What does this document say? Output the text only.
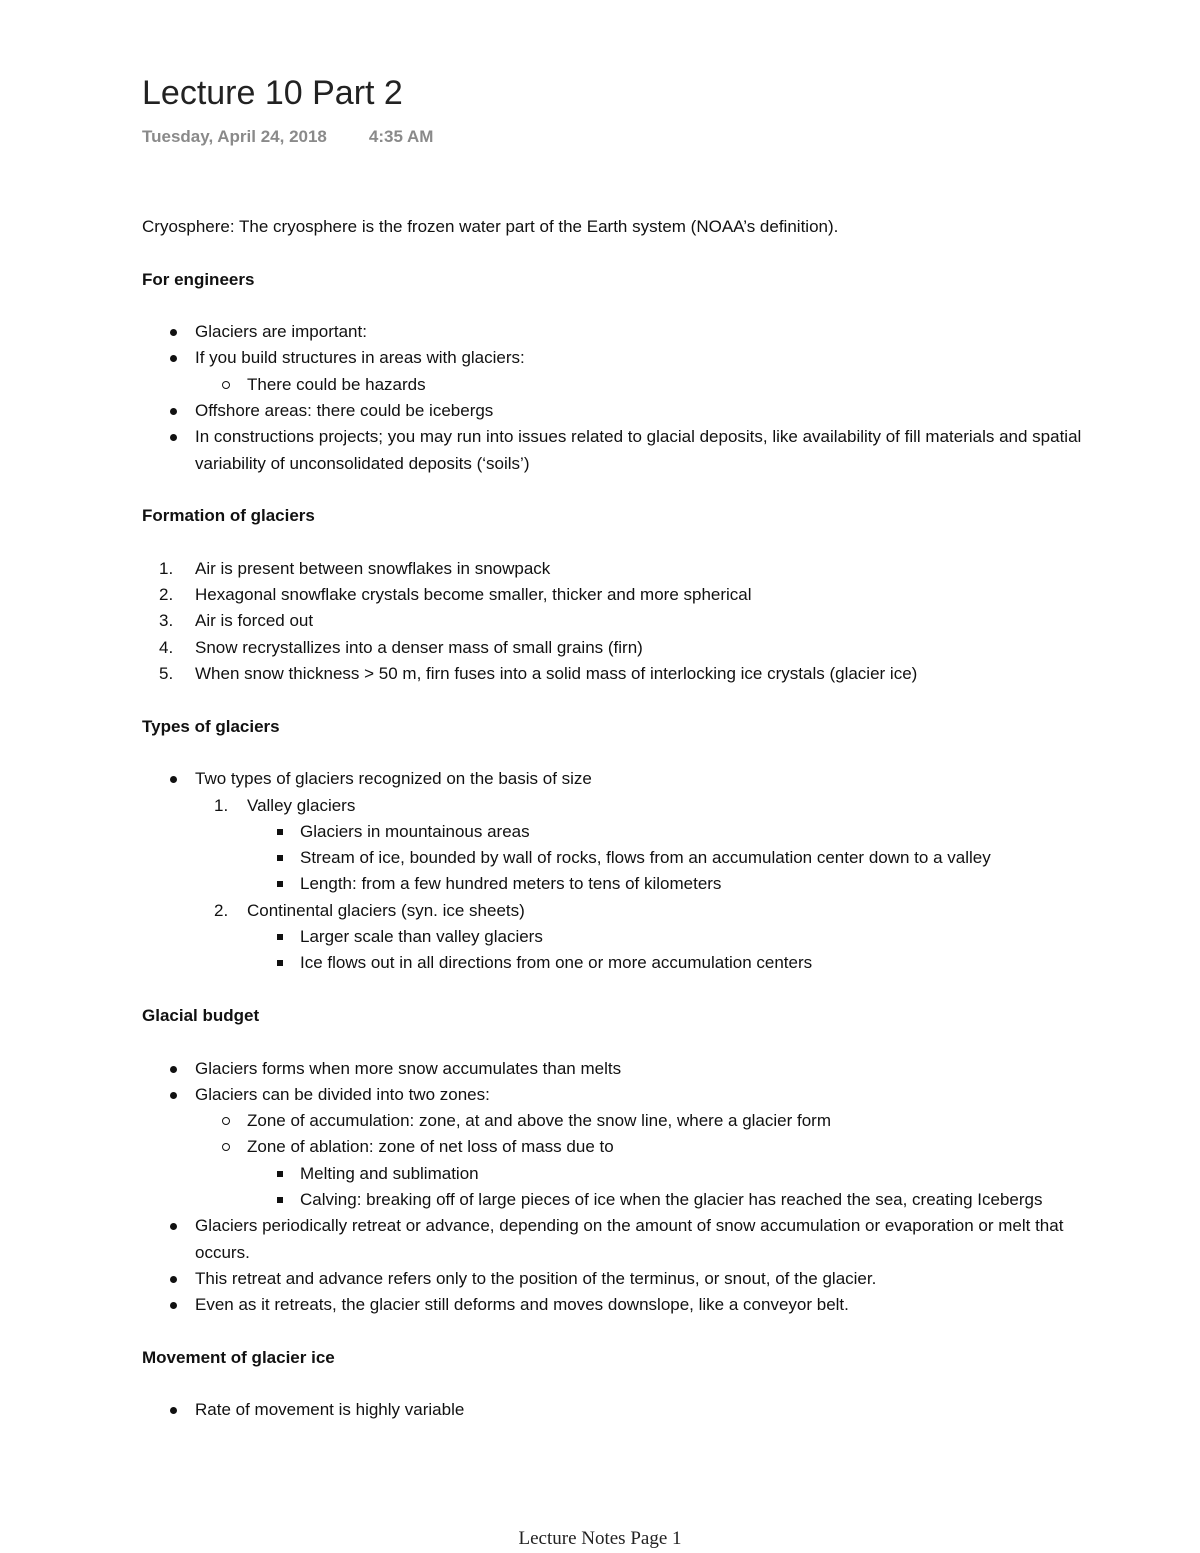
Lecture 10 Part 2
Tuesday, April 24, 2018 4:35 AM
Cryosphere: The cryosphere is the frozen water part of the Earth system (NOAA’s definition).
For engineers
Glaciers are important:
If you build structures in areas with glaciers:
There could be hazards
Offshore areas: there could be icebergs
In constructions projects; you may run into issues related to glacial deposits, like availability of fill materials and spatial variability of unconsolidated deposits (‘soils’)
Formation of glaciers
1.	Air is present between snowflakes in snowpack
2.	Hexagonal snowflake crystals become smaller, thicker and more spherical
3.	Air is forced out
4.	Snow recrystallizes into a denser mass of small grains (firn)
5.	When snow thickness > 50 m, firn fuses into a solid mass of interlocking ice crystals (glacier ice)
Types of glaciers
Two types of glaciers recognized on the basis of size
1.	Valley glaciers
Glaciers in mountainous areas
Stream of ice, bounded by wall of rocks, flows from an accumulation center down to a valley
Length: from a few hundred meters to tens of kilometers
2.	Continental glaciers (syn. ice sheets)
Larger scale than valley glaciers
Ice flows out in all directions from one or more accumulation centers
Glacial budget
Glaciers forms when more snow accumulates than melts
Glaciers can be divided into two zones:
Zone of accumulation: zone, at and above the snow line, where a glacier form
Zone of ablation: zone of net loss of mass due to
Melting and sublimation
Calving: breaking off of large pieces of ice when the glacier has reached the sea, creating Icebergs
Glaciers periodically retreat or advance, depending on the amount of snow accumulation or evaporation or melt that occurs.
This retreat and advance refers only to the position of the terminus, or snout, of the glacier.
Even as it retreats, the glacier still deforms and moves downslope, like a conveyor belt.
Movement of glacier ice
Rate of movement is highly variable
Lecture Notes Page 1
